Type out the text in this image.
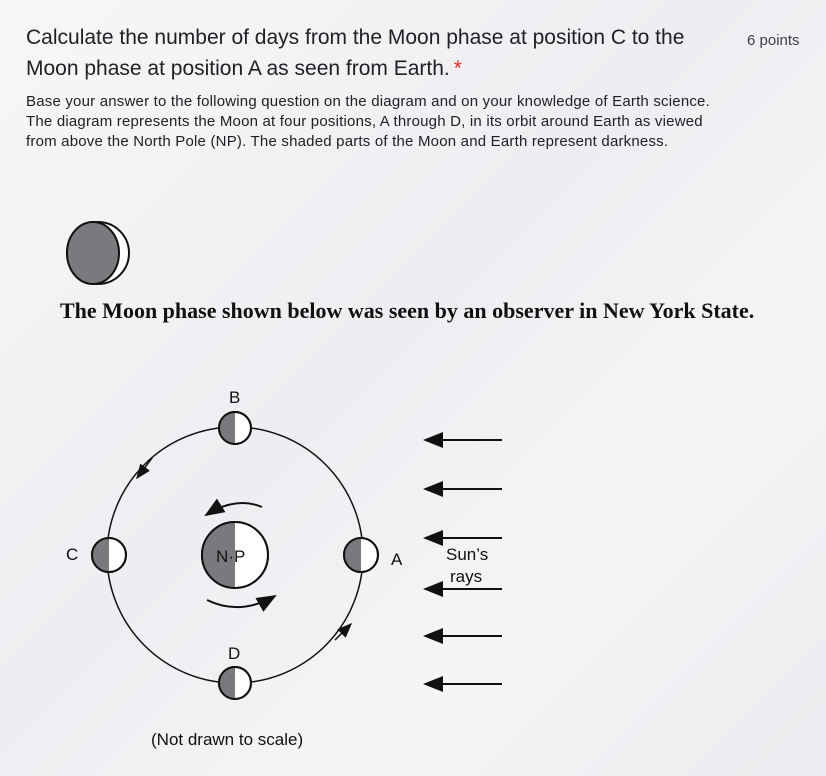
Calculate the number of days from the Moon phase at position C to the Moon phase at position A as seen from Earth. *
6 points
Base your answer to the following question on the diagram and on your knowledge of Earth science. The diagram represents the Moon at four positions, A through D, in its orbit around Earth as viewed from above the North Pole (NP). The shaded parts of the Moon and Earth represent darkness.
The Moon phase shown below was seen by an observer in New York State.
N·P
B
D
C	A	Sun’s
rays
(Not drawn to scale)
